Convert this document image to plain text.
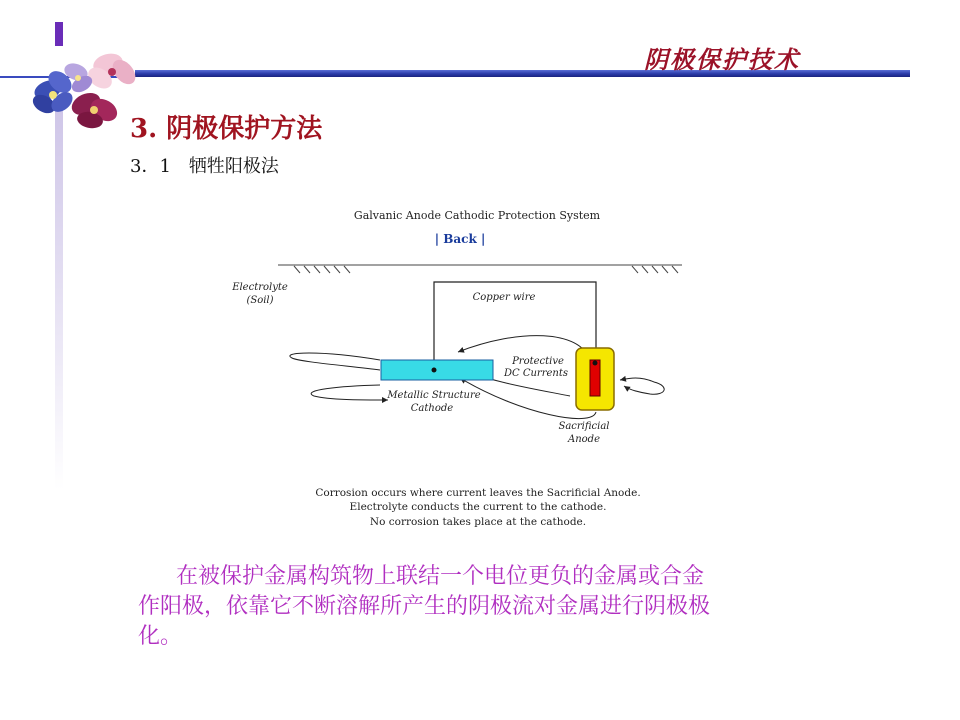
阴极保护技术
3. 阴极保护方法
3．1　牺牲阳极法
Galvanic Anode Cathodic Protection System
| Back |
Electrolyte
(Soil)	Copper wire
Protective
DC Currents
Metallic Structure
Cathode
Sacrificial
Anode
Corrosion occurs where current leaves the Sacrificial Anode.
Electrolyte conducts the current to the cathode.
No corrosion takes place at the cathode.
在被保护金属构筑物上联结一个电位更负的金属或合金
作阳极，依靠它不断溶解所产生的阴极流对金属进行阴极极
化。
